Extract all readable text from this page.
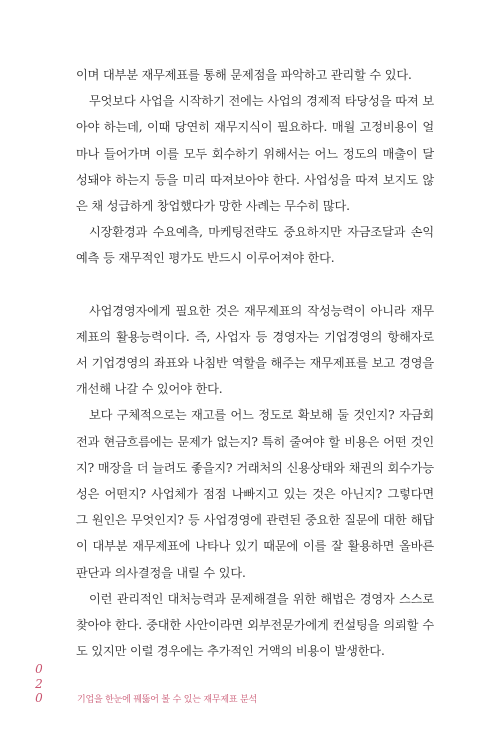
이며 대부분 재무제표를 통해 문제점을 파악하고 관리할 수 있다.

무엇보다 사업을 시작하기 전에는 사업의 경제적 타당성을 따져 보아야 하는데, 이때 당연히 재무지식이 필요하다. 매월 고정비용이 얼마나 들어가며 이를 모두 회수하기 위해서는 어느 정도의 매출이 달성돼야 하는지 등을 미리 따져보아야 한다. 사업성을 따져 보지도 않은 채 성급하게 창업했다가 망한 사례는 무수히 많다.

시장환경과 수요예측, 마케팅전략도 중요하지만 자금조달과 손익 예측 등 재무적인 평가도 반드시 이루어져야 한다.

사업경영자에게 필요한 것은 재무제표의 작성능력이 아니라 재무제표의 활용능력이다. 즉, 사업자 등 경영자는 기업경영의 항해자로서 기업경영의 좌표와 나침반 역할을 해주는 재무제표를 보고 경영을 개선해 나갈 수 있어야 한다.

보다 구체적으로는 재고를 어느 정도로 확보해 둘 것인지? 자금회전과 현금흐름에는 문제가 없는지? 특히 줄여야 할 비용은 어떤 것인지? 매장을 더 늘려도 좋을지? 거래처의 신용상태와 채권의 회수가능성은 어떤지? 사업체가 점점 나빠지고 있는 것은 아닌지? 그렇다면 그 원인은 무엇인지? 등 사업경영에 관련된 중요한 질문에 대한 해답이 대부분 재무제표에 나타나 있기 때문에 이를 잘 활용하면 올바른 판단과 의사결정을 내릴 수 있다.

이런 관리적인 대처능력과 문제해결을 위한 해법은 경영자 스스로 찾아야 한다. 중대한 사안이라면 외부전문가에게 컨설팅을 의뢰할 수도 있지만 이럴 경우에는 추가적인 거액의 비용이 발생한다.

0
2
0	기업을 한눈에 꿰뚫어 볼 수 있는 재무제표 분석
